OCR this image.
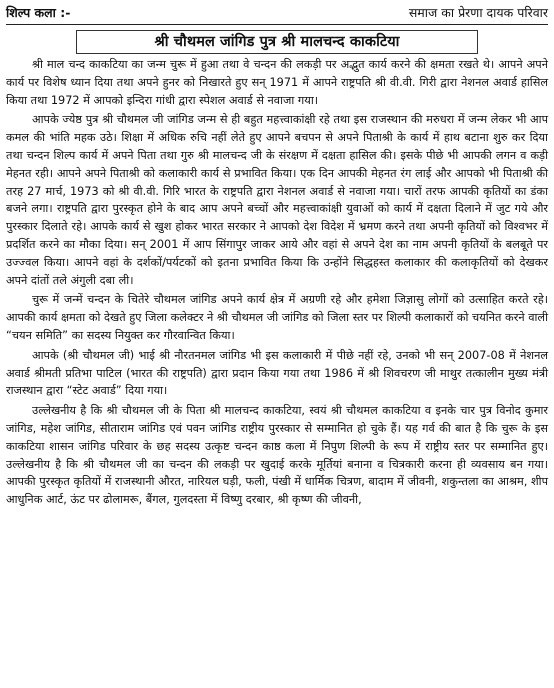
शिल्प कला :-	समाज का प्रेरणा दायक परिवार
श्री चौथमल जांगिड पुत्र श्री मालचन्द काकटिया

श्री माल चन्द काकटिया का जन्म चुरू में हुआ तथा वे चन्दन की लकड़ी पर अद्भुत कार्य करने की क्षमता रखते थे। आपने अपने कार्य पर विशेष ध्यान दिया तथा अपने हुनर को निखारते हुए सन् 1971 में आपने राष्ट्रपति श्री वी.वी. गिरी द्वारा नेशनल अवार्ड हासिल किया तथा 1972 में आपको इन्दिरा गांधी द्वारा स्पेशल अवार्ड से नवाजा गया।

आपके ज्येष्ठ पुत्र श्री चौथमल जी जांगिड जन्म से ही बहुत महत्त्वाकांक्षी रहे तथा इस राजस्थान की मरुधरा में जन्म लेकर भी आप कमल की भांति महक उठे। शिक्षा में अधिक रुचि नहीं लेते हुए आपने बचपन से अपने पिताश्री के कार्य में हाथ बटाना शुरु कर दिया तथा चन्दन शिल्प कार्य में अपने पिता तथा गुरु श्री मालचन्द जी के संरक्षण में दक्षता हासिल की। इसके पीछे भी आपकी लगन व कड़ी मेहनत रही। आपने अपने पिताश्री को कलाकारी कार्य से प्रभावित किया। एक दिन आपकी मेहनत रंग लाई और आपको भी पिताश्री की तरह 27 मार्च, 1973 को श्री वी.वी. गिरि भारत के राष्ट्रपति द्वारा नेशनल अवार्ड से नवाजा गया। चारों तरफ आपकी कृतियों का डंका बजने लगा। राष्ट्रपति द्वारा पुरस्कृत होने के बाद आप अपने बच्चों और महत्त्वाकांक्षी युवाओं को कार्य में दक्षता दिलाने में जुट गये और पुरस्कार दिलाते रहे। आपके कार्य से खुश होकर भारत सरकार ने आपको देश विदेश में भ्रमण करने तथा अपनी कृतियों को विश्वभर में प्रदर्शित करने का मौका दिया। सन् 2001 में आप सिंगापुर जाकर आये और वहां से अपने देश का नाम अपनी कृतियों के बलबूते पर उज्ज्वल किया। आपने वहां के दर्शकों/पर्यटकों को इतना प्रभावित किया कि उन्होंने सिद्धहस्त कलाकार की कलाकृतियों को देखकर अपने दांतों तले अंगुली दबा ली।

चुरू में जन्में चन्दन के चितेरे चौथमल जांगिड अपने कार्य क्षेत्र में अग्रणी रहे और हमेशा जिज्ञासु लोगों को उत्साहित करते रहे। आपकी कार्य क्षमता को देखते हुए जिला कलेक्टर ने श्री चौथमल जी जांगिड को जिला स्तर पर शिल्पी कलाकारों को चयनित करने वाली “चयन समिति” का सदस्य नियुक्त कर गौरवान्वित किया।

आपके (श्री चौथमल जी) भाई श्री नौरतनमल जांगिड भी इस कलाकारी में पीछे नहीं रहे, उनको भी सन् 2007-08 में नेशनल अवार्ड श्रीमती प्रतिभा पाटिल (भारत की राष्ट्रपति) द्वारा प्रदान किया गया तथा 1986 में श्री शिवचरण जी माथुर तत्कालीन मुख्य मंत्री राजस्थान द्वारा “स्टेट अवार्ड” दिया गया।

उल्लेखनीय है कि श्री चौथमल जी के पिता श्री मालचन्द काकटिया, स्वयं श्री चौथमल काकटिया व इनके चार पुत्र विनोद कुमार जांगिड, महेश जांगिड, सीताराम जांगिड एवं पवन जांगिड राष्ट्रीय पुरस्कार से सम्मानित हो चुके हैं। यह गर्व की बात है कि चुरू के इस काकटिया शासन जांगिड परिवार के छह सदस्य उत्कृष्ट चन्दन काष्ठ कला में निपुण शिल्पी के रूप में राष्ट्रीय स्तर पर सम्मानित हुए। उल्लेखनीय है कि श्री चौथमल जी का चन्दन की लकड़ी पर खुदाई करके मूर्तियां बनाना व चित्रकारी करना ही व्यवसाय बन गया। आपकी पुरस्कृत कृतियों में राजस्थानी औरत, नारियल घड़ी, फली, पंखी में धार्मिक चित्रण, बादाम में जीवनी, शकुन्तला का आश्रम, शीप आधुनिक आर्ट, ऊंट पर ढोलामरू, बैंगल, गुलदस्ता में विष्णु दरबार, श्री कृष्ण की जीवनी,
